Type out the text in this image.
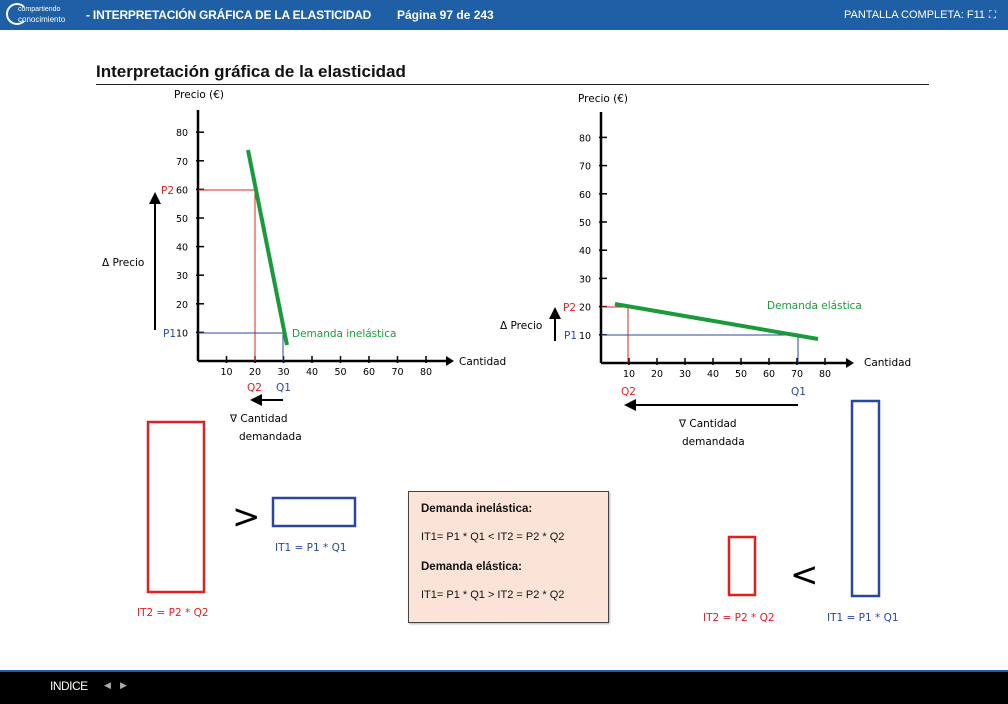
compartiendo
conocimiento - INTERPRETACIÓN GRÁFICA DE LA ELASTICIDAD Página 97 de 243	PANTALLA COMPLETA: F11 ⛶
Interpretación gráfica de la elasticidad
Precio (€)
Cantidad
80
70
60
50
40
30
20
10
10 20 30 40 50 60 70 80
Demanda inelástica
P2
P1
Q2 Q1
Δ Precio
∇ Cantidad
demandada
IT2 = P2 * Q2
>
IT1 = P1 * Q1
Precio (€)
Cantidad
80
70
60
50
40
30
20
10
10 20 30 40 50 60 70 80
Demanda elástica
P2
P1
Q2	Q1
Δ Precio
∇ Cantidad
demandada
IT2 = P2 * Q2
<
IT1 = P1 * Q1
Demanda inelástica:
IT1= P1 * Q1 < IT2 = P2 * Q2
Demanda elástica:
IT1= P1 * Q1 > IT2 = P2 * Q2
INDICE ◀ ▶
